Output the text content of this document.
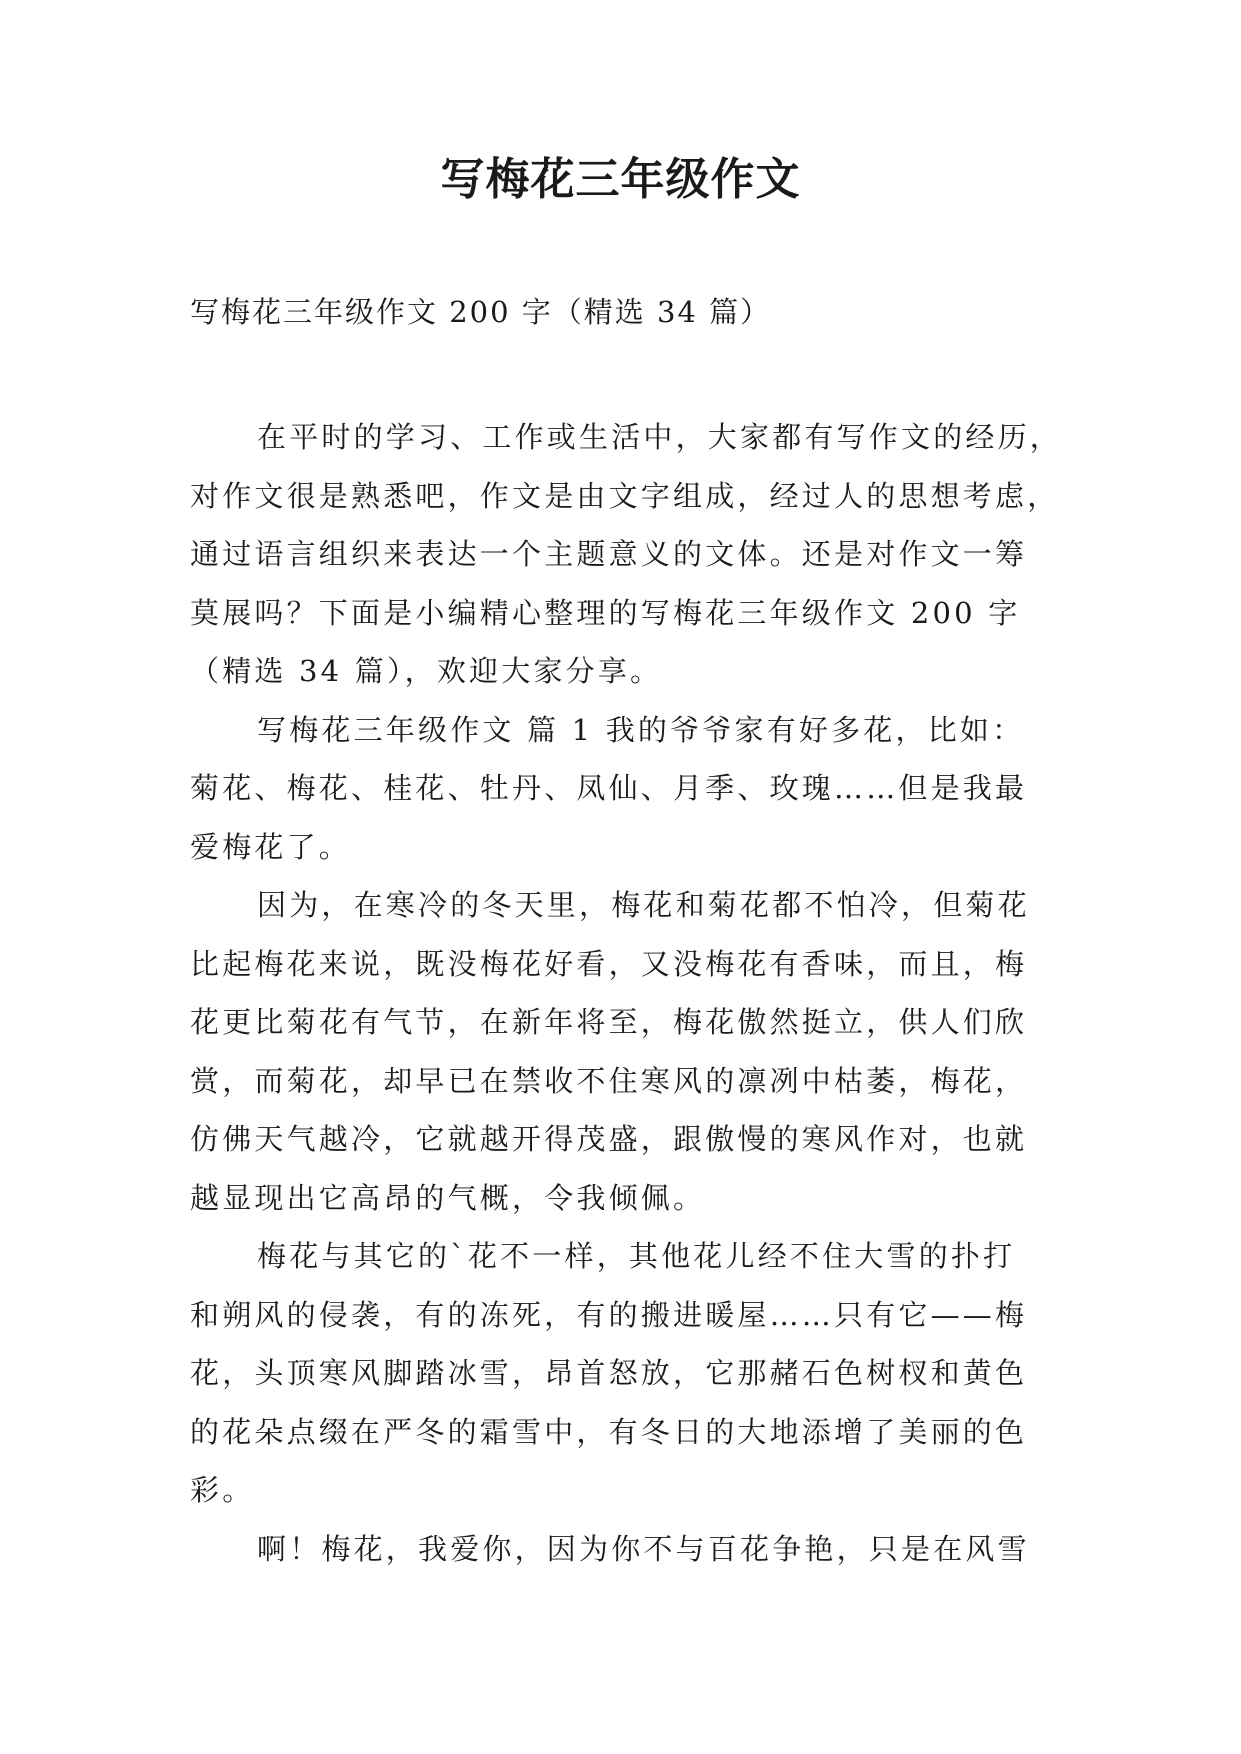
写梅花三年级作文
写梅花三年级作文 200 字（精选 34 篇）
在平时的学习、工作或生活中，大家都有写作文的经历，
对作文很是熟悉吧，作文是由文字组成，经过人的思想考虑，
通过语言组织来表达一个主题意义的文体。还是对作文一筹
莫展吗？下面是小编精心整理的写梅花三年级作文 200 字
（精选 34 篇），欢迎大家分享。
写梅花三年级作文 篇 1 我的爷爷家有好多花，比如：
菊花、梅花、桂花、牡丹、凤仙、月季、玫瑰……但是我最
爱梅花了。
因为，在寒冷的冬天里，梅花和菊花都不怕冷，但菊花
比起梅花来说，既没梅花好看，又没梅花有香味，而且，梅
花更比菊花有气节，在新年将至，梅花傲然挺立，供人们欣
赏，而菊花，却早已在禁收不住寒风的凛冽中枯萎，梅花，
仿佛天气越冷，它就越开得茂盛，跟傲慢的寒风作对，也就
越显现出它高昂的气概，令我倾佩。
梅花与其它的`花不一样，其他花儿经不住大雪的扑打
和朔风的侵袭，有的冻死，有的搬进暖屋……只有它——梅
花，头顶寒风脚踏冰雪，昂首怒放，它那赭石色树杈和黄色
的花朵点缀在严冬的霜雪中，有冬日的大地添增了美丽的色
彩。
啊！梅花，我爱你，因为你不与百花争艳，只是在风雪
